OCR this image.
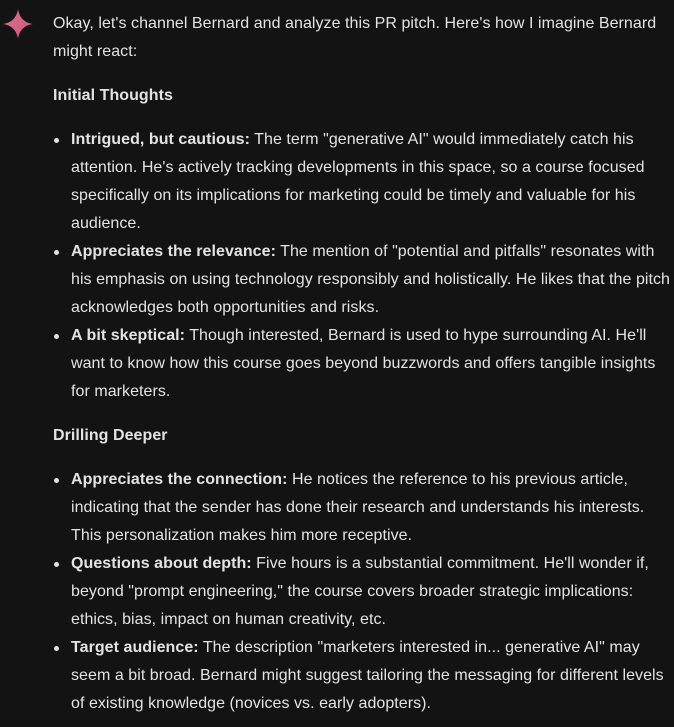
Okay, let's channel Bernard and analyze this PR pitch. Here's how I imagine Bernard might react:

Initial Thoughts
Intrigued, but cautious: The term "generative AI" would immediately catch his attention. He's actively tracking developments in this space, so a course focused specifically on its implications for marketing could be timely and valuable for his audience.
Appreciates the relevance: The mention of "potential and pitfalls" resonates with his emphasis on using technology responsibly and holistically. He likes that the pitch acknowledges both opportunities and risks.
A bit skeptical: Though interested, Bernard is used to hype surrounding AI. He'll want to know how this course goes beyond buzzwords and offers tangible insights for marketers.
Drilling Deeper
Appreciates the connection: He notices the reference to his previous article, indicating that the sender has done their research and understands his interests. This personalization makes him more receptive.
Questions about depth: Five hours is a substantial commitment. He'll wonder if, beyond "prompt engineering," the course covers broader strategic implications: ethics, bias, impact on human creativity, etc.
Target audience: The description "marketers interested in... generative AI" may seem a bit broad. Bernard might suggest tailoring the messaging for different levels of existing knowledge (novices vs. early adopters).
